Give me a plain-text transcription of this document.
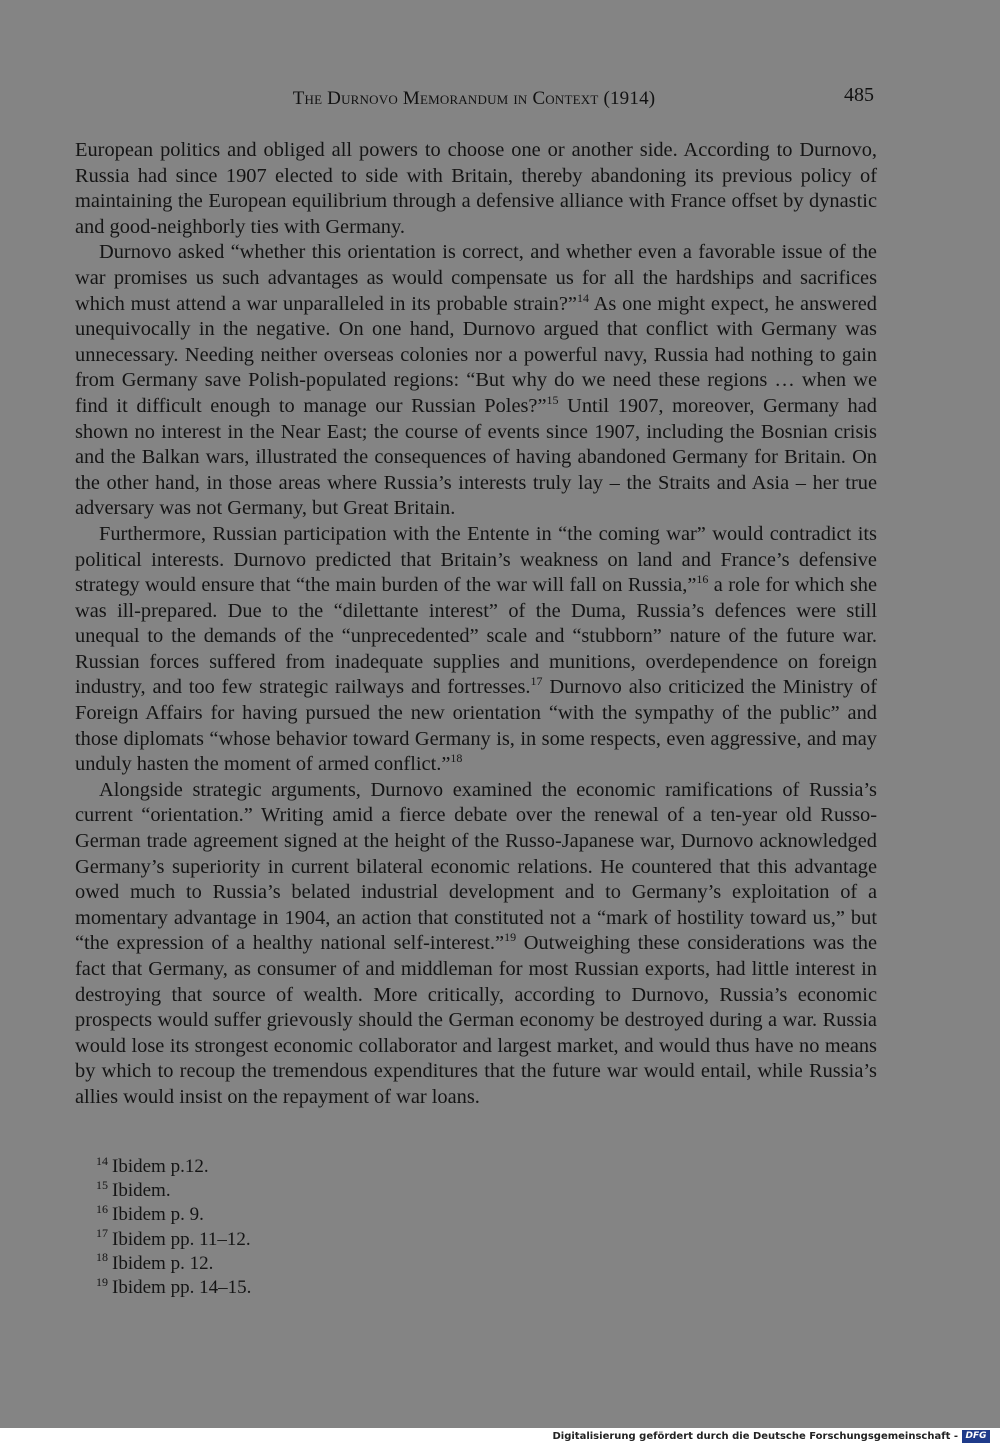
The Durnovo Memorandum in Context (1914)	485

European politics and obliged all powers to choose one or another side. According to Durnovo, Russia had since 1907 elected to side with Britain, thereby abandoning its previous policy of maintaining the European equilibrium through a defensive alliance with France offset by dynastic and good-neighborly ties with Germany.

Durnovo asked “whether this orientation is correct, and whether even a favorable issue of the war promises us such advantages as would compensate us for all the hardships and sacrifices which must attend a war unparalleled in its probable strain?”$^{14}$ As one might expect, he answered unequivocally in the negative. On one hand, Durnovo argued that conflict with Germany was unnecessary. Needing neither overseas colonies nor a powerful navy, Russia had nothing to gain from Germany save Polish-populated regions: “But why do we need these regions … when we find it difficult enough to manage our Russian Poles?”$^{15}$ Until 1907, moreover, Germany had shown no interest in the Near East; the course of events since 1907, including the Bosnian crisis and the Balkan wars, illustrated the consequences of having abandoned Germany for Britain. On the other hand, in those areas where Russia’s interests truly lay – the Straits and Asia – her true adversary was not Germany, but Great Britain.

Furthermore, Russian participation with the Entente in “the coming war” would contradict its political interests. Durnovo predicted that Britain’s weakness on land and France’s defensive strategy would ensure that “the main burden of the war will fall on Russia,”$^{16}$ a role for which she was ill-prepared. Due to the “dilettante interest” of the Duma, Russia’s defences were still unequal to the demands of the “unprecedented” scale and “stubborn” nature of the future war. Russian forces suffered from inadequate supplies and munitions, overdependence on foreign industry, and too few strategic railways and fortresses.$^{17}$ Durnovo also criticized the Ministry of Foreign Affairs for having pursued the new orientation “with the sympathy of the public” and those diplomats “whose behavior toward Germany is, in some respects, even aggressive, and may unduly hasten the moment of armed conflict.”$^{18}$

Alongside strategic arguments, Durnovo examined the economic ramifications of Russia’s current “orientation.” Writing amid a fierce debate over the renewal of a ten-year old Russo-German trade agreement signed at the height of the Russo-Japanese war, Durnovo acknowledged Germany’s superiority in current bilateral economic relations. He countered that this advantage owed much to Russia’s belated industrial development and to Germany’s exploitation of a momentary advantage in 1904, an action that constituted not a “mark of hostility toward us,” but “the expression of a healthy national self-interest.”$^{19}$ Outweighing these considerations was the fact that Germany, as consumer of and middleman for most Russian exports, had little interest in destroying that source of wealth. More critically, according to Durnovo, Russia’s economic prospects would suffer grievously should the German economy be destroyed during a war. Russia would lose its strongest economic collaborator and largest market, and would thus have no means by which to recoup the tremendous expenditures that the future war would entail, while Russia’s allies would insist on the repayment of war loans.

$^{14}$ Ibidem p.12.
$^{15}$ Ibidem.
$^{16}$ Ibidem p. 9.
$^{17}$ Ibidem pp. 11–12.
$^{18}$ Ibidem p. 12.
$^{19}$ Ibidem pp. 14–15.
Digitalisierung gefördert durch die Deutsche Forschungsgemeinschaft - DFG
